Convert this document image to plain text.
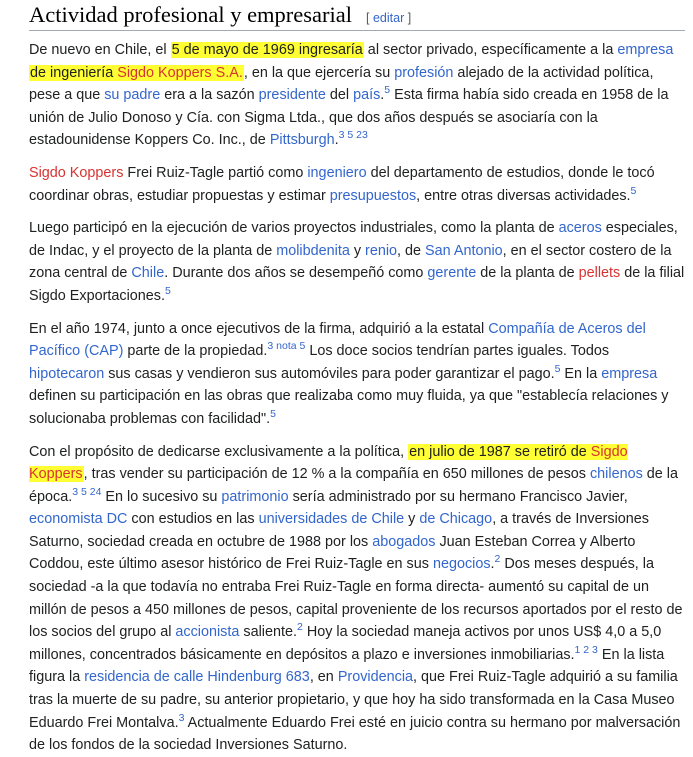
Actividad profesional y empresarial [ editar ]

De nuevo en Chile, el 5 de mayo de 1969 ingresaría al sector privado, específicamente a la empresa de ingeniería Sigdo Koppers S.A., en la que ejercería su profesión alejado de la actividad política, pese a que su padre era a la sazón presidente del país.$^5$ Esta firma había sido creada en 1958 de la unión de Julio Donoso y Cía. con Sigma Ltda., que dos años después se asociaría con la estadounidense Koppers Co. Inc., de Pittsburgh.$^{3 5 23}$

Sigdo Koppers Frei Ruiz-Tagle partió como ingeniero del departamento de estudios, donde le tocó coordinar obras, estudiar propuestas y estimar presupuestos, entre otras diversas actividades.$^5$

Luego participó en la ejecución de varios proyectos industriales, como la planta de aceros especiales, de Indac, y el proyecto de la planta de molibdenita y renio, de San Antonio, en el sector costero de la zona central de Chile. Durante dos años se desempeñó como gerente de la planta de pellets de la filial Sigdo Exportaciones.$^5$

En el año 1974, junto a once ejecutivos de la firma, adquirió a la estatal Compañía de Aceros del Pacífico (CAP) parte de la propiedad.$^{3 nota 5}$ Los doce socios tendrían partes iguales. Todos hipotecaron sus casas y vendieron sus automóviles para poder garantizar el pago.$^5$ En la empresa definen su participación en las obras que realizaba como muy fluida, ya que "establecía relaciones y solucionaba problemas con facilidad".$^5$

Con el propósito de dedicarse exclusivamente a la política, en julio de 1987 se retiró de Sigdo Koppers, tras vender su participación de 12 % a la compañía en 650 millones de pesos chilenos de la época.$^{3 5 24}$ En lo sucesivo su patrimonio sería administrado por su hermano Francisco Javier, economista DC con estudios en las universidades de Chile y de Chicago, a través de Inversiones Saturno, sociedad creada en octubre de 1988 por los abogados Juan Esteban Correa y Alberto Coddou, este último asesor histórico de Frei Ruiz-Tagle en sus negocios.$^2$ Dos meses después, la sociedad -a la que todavía no entraba Frei Ruiz-Tagle en forma directa- aumentó su capital de un millón de pesos a 450 millones de pesos, capital proveniente de los recursos aportados por el resto de los socios del grupo al accionista saliente.$^2$ Hoy la sociedad maneja activos por unos US$ 4,0 a 5,0 millones, concentrados básicamente en depósitos a plazo e inversiones inmobiliarias.$^{1 2 3}$ En la lista figura la residencia de calle Hindenburg 683, en Providencia, que Frei Ruiz-Tagle adquirió a su familia tras la muerte de su padre, su anterior propietario, y que hoy ha sido transformada en la Casa Museo Eduardo Frei Montalva.$^3$ Actualmente Eduardo Frei esté en juicio contra su hermano por malversación de los fondos de la sociedad Inversiones Saturno.
